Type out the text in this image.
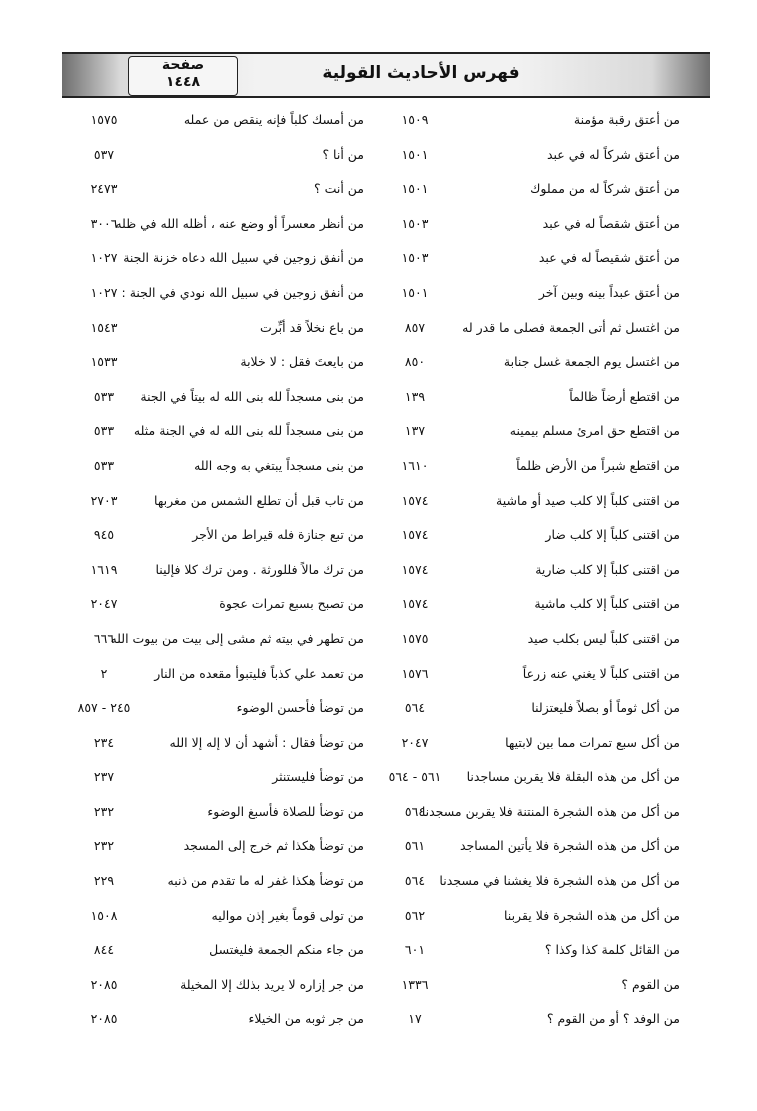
صفحة
١٤٤٨	فهرس الأحاديث القولية
من أعتق رقبة مؤمنة
١٥٠٩
من أمسك كلباً فإنه ينقص من عمله
١٥٧٥
من أعتق شركاً له في عبد
١٥٠١
من أنا ؟
٥٣٧
من أعتق شركاً له من مملوك
١٥٠١
من أنت ؟
٢٤٧٣
من أعتق شقصاً له في عبد
١٥٠٣
من أنظر معسراً أو وضع عنه ، أظله الله في ظله
٣٠٠٦
من أعتق شقيصاً له في عبد
١٥٠٣
من أنفق زوجين في سبيل الله دعاه خزنة الجنة
١٠٢٧
من أعتق عبداً بينه وبين آخر
١٥٠١
من أنفق زوجين في سبيل الله نودي في الجنة :
١٠٢٧
من اغتسل ثم أتى الجمعة فصلى ما قدر له
٨٥٧
من باع نخلاً قد أبِّرت
١٥٤٣
من اغتسل يوم الجمعة غسل جنابة
٨٥٠
من بايعتَ فقل : لا خلابة
١٥٣٣
من اقتطع أرضاً ظالماً
١٣٩
من بنى مسجداً لله بنى الله له بيتاً في الجنة
٥٣٣
من اقتطع حق امرئ مسلم بيمينه
١٣٧
من بنى مسجداً لله بنى الله له في الجنة مثله
٥٣٣
من اقتطع شبراً من الأرض ظلماً
١٦١٠
من بنى مسجداً يبتغي به وجه الله
٥٣٣
من اقتنى كلباً إلا كلب صيد أو ماشية
١٥٧٤
من تاب قبل أن تطلع الشمس من مغربها
٢٧٠٣
من اقتنى كلباً إلا كلب ضار
١٥٧٤
من تبع جنازة فله قيراط من الأجر
٩٤٥
من اقتنى كلباً إلا كلب ضارية
١٥٧٤
من ترك مالاً فللورثة . ومن ترك كلا فإلينا
١٦١٩
من اقتنى كلباً إلا كلب ماشية
١٥٧٤
من تصبح بسبع تمرات عجوة
٢٠٤٧
من اقتنى كلباً ليس بكلب صيد
١٥٧٥
من تطهر في بيته ثم مشى إلى بيت من بيوت الله
٦٦٦
من اقتنى كلباً لا يغني عنه زرعاً
١٥٧٦
من تعمد علي كذباً فليتبوأ مقعده من النار
٢
من أكل ثوماً أو بصلاً فليعتزلنا
٥٦٤
من توضأ فأحسن الوضوء
٢٤٥ - ٨٥٧
من أكل سبع تمرات مما بين لابتيها
٢٠٤٧
من توضأ فقال : أشهد أن لا إله إلا الله
٢٣٤
من أكل من هذه البقلة فلا يقربن مساجدنا
٥٦١ - ٥٦٤
من توضأ فليستنثر
٢٣٧
من أكل من هذه الشجرة المنتنة فلا يقربن مسجدنا
٥٦٤
من توضأ للصلاة فأسبغ الوضوء
٢٣٢
من أكل من هذه الشجرة فلا يأتين المساجد
٥٦١
من توضأ هكذا ثم خرج إلى المسجد
٢٣٢
من أكل من هذه الشجرة فلا يغشنا في مسجدنا
٥٦٤
من توضأ هكذا غفر له ما تقدم من ذنبه
٢٢٩
من أكل من هذه الشجرة فلا يقربنا
٥٦٢
من تولى قوماً بغير إذن مواليه
١٥٠٨
من القائل كلمة كذا وكذا ؟
٦٠١
من جاء منكم الجمعة فليغتسل
٨٤٤
من القوم ؟
١٣٣٦
من جر إزاره لا يريد بذلك إلا المخيلة
٢٠٨٥
من الوفد ؟ أو من القوم ؟
١٧
من جر ثوبه من الخيلاء
٢٠٨٥
